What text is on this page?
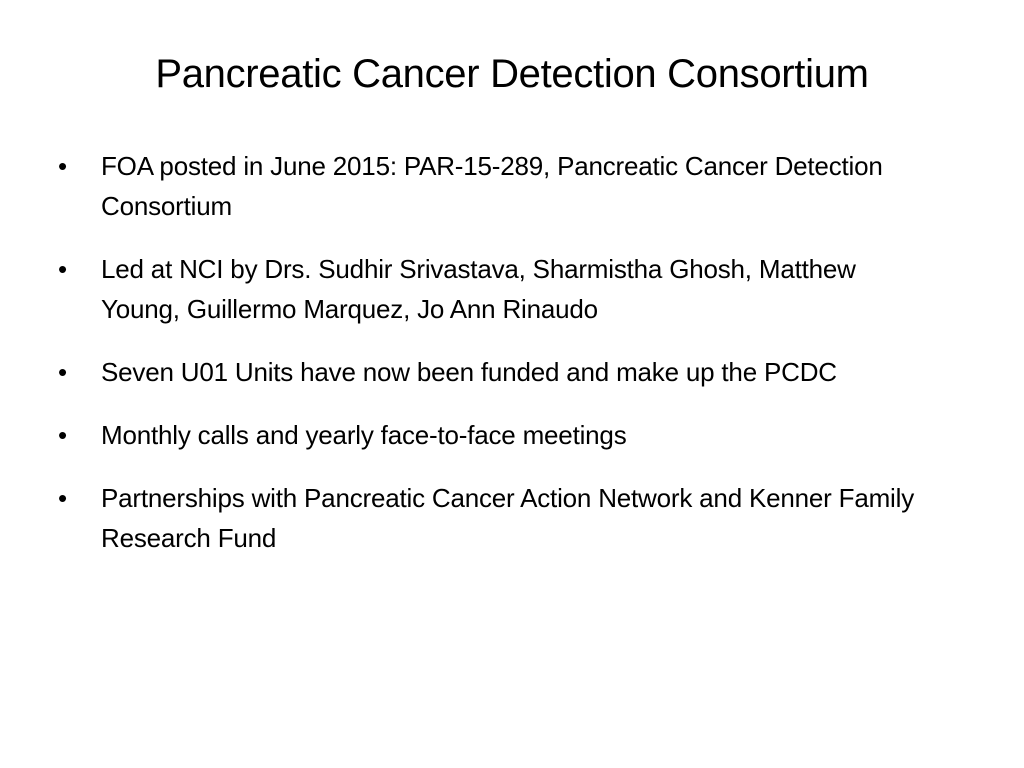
Pancreatic Cancer Detection Consortium
•	FOA posted in June 2015: PAR-15-289, Pancreatic Cancer Detection Consortium
•	Led at NCI by Drs. Sudhir Srivastava, Sharmistha Ghosh, Matthew Young, Guillermo Marquez, Jo Ann Rinaudo
•	Seven U01 Units have now been funded and make up the PCDC
•	Monthly calls and yearly face-to-face meetings
•	Partnerships with Pancreatic Cancer Action Network and Kenner Family Research Fund
